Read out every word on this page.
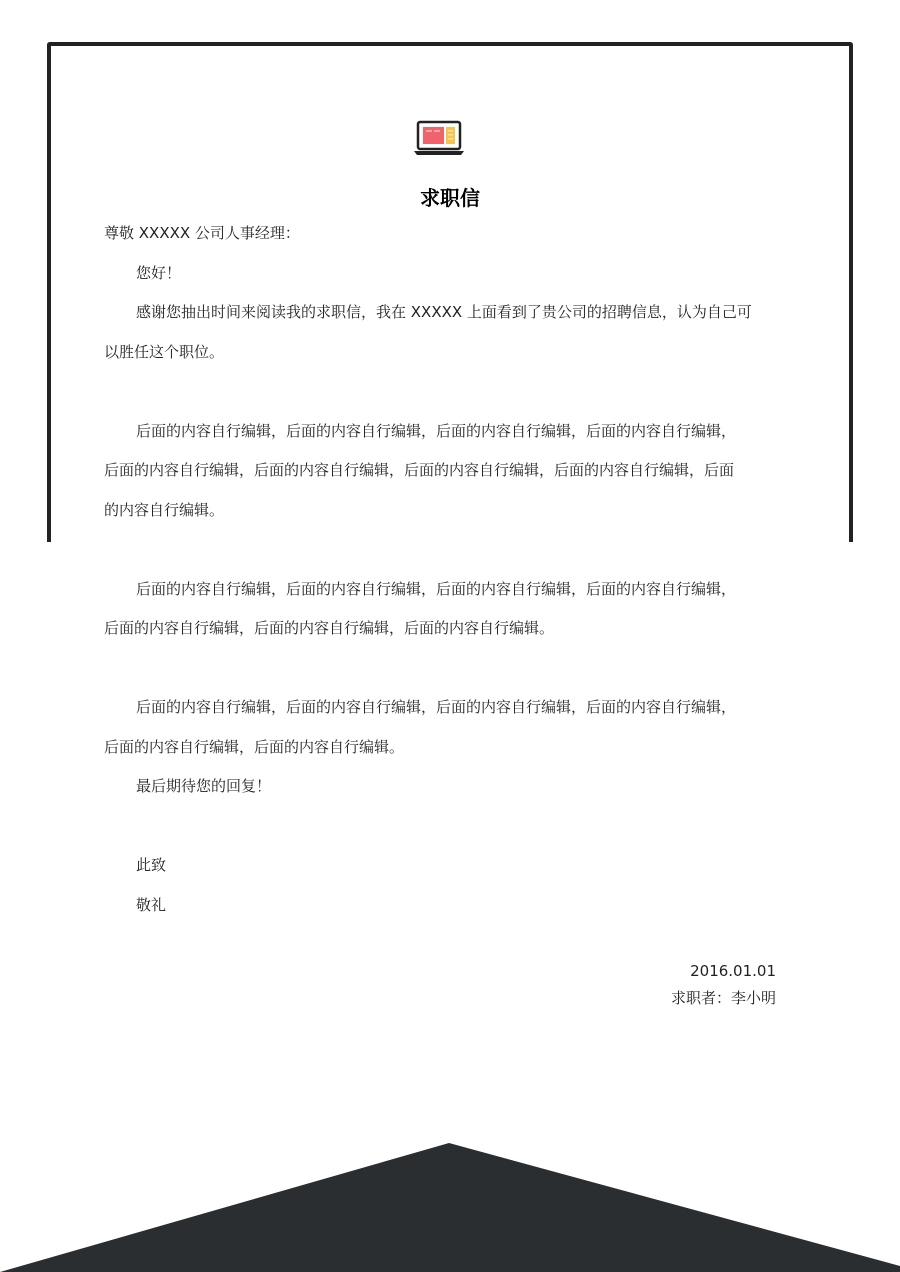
求职信
尊敬 XXXXX 公司人事经理：
您好！
感谢您抽出时间来阅读我的求职信，我在 XXXXX 上面看到了贵公司的招聘信息，认为自己可
以胜任这个职位。
后面的内容自行编辑，后面的内容自行编辑，后面的内容自行编辑，后面的内容自行编辑，
后面的内容自行编辑，后面的内容自行编辑，后面的内容自行编辑，后面的内容自行编辑，后面
的内容自行编辑。
后面的内容自行编辑，后面的内容自行编辑，后面的内容自行编辑，后面的内容自行编辑，
后面的内容自行编辑，后面的内容自行编辑，后面的内容自行编辑。
后面的内容自行编辑，后面的内容自行编辑，后面的内容自行编辑，后面的内容自行编辑，
后面的内容自行编辑，后面的内容自行编辑。
最后期待您的回复！
此致
敬礼
2016.01.01
求职者：李小明
